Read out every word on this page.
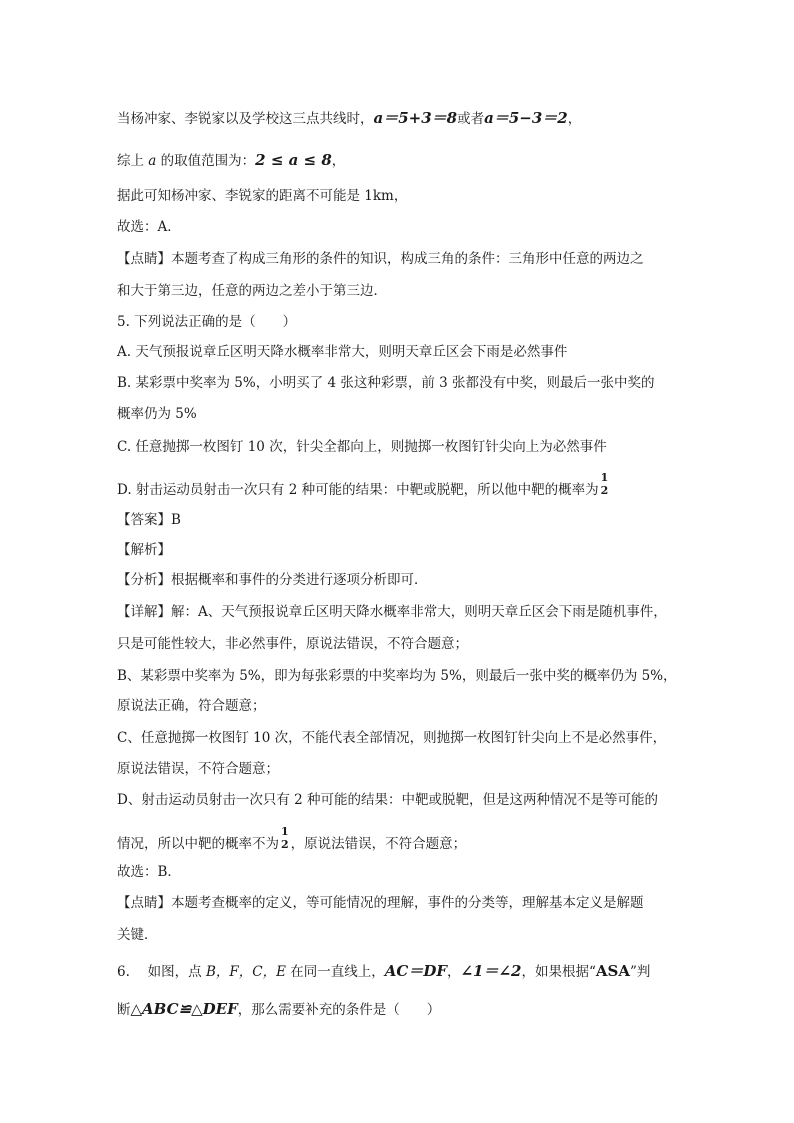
当杨冲家、李锐家以及学校这三点共线时，a＝5+3＝8或者a＝5−3＝2，
综上 a 的取值范围为：2 ≤ a ≤ 8，
据此可知杨冲家、李锐家的距离不可能是 1km，
故选：A．
【点睛】本题考查了构成三角形的条件的知识，构成三角的条件：三角形中任意的两边之
和大于第三边，任意的两边之差小于第三边．
5. 下列说法正确的是（　　）
A. 天气预报说章丘区明天降水概率非常大，则明天章丘区会下雨是必然事件
B. 某彩票中奖率为 5%，小明买了 4 张这种彩票，前 3 张都没有中奖，则最后一张中奖的
概率仍为 5%
C. 任意抛掷一枚图钉 10 次，针尖全都向上，则抛掷一枚图钉针尖向上为必然事件
D. 射击运动员射击一次只有 2 种可能的结果：中靶或脱靶，所以他中靶的概率为
1
2
【答案】B
【解析】
【分析】根据概率和事件的分类进行逐项分析即可．
【详解】解：A、天气预报说章丘区明天降水概率非常大，则明天章丘区会下雨是随机事件，
只是可能性较大，非必然事件，原说法错误，不符合题意；
B、某彩票中奖率为 5%，即为每张彩票的中奖率均为 5%，则最后一张中奖的概率仍为 5%，
原说法正确，符合题意；
C、任意抛掷一枚图钉 10 次，不能代表全部情况，则抛掷一枚图钉针尖向上不是必然事件，
原说法错误，不符合题意；
D、射击运动员射击一次只有 2 种可能的结果：中靶或脱靶，但是这两种情况不是等可能的
情况，所以中靶的概率不为
1
2 ，原说法错误，不符合题意；
故选：B．
【点睛】本题考查概率的定义，等可能情况的理解，事件的分类等，理解基本定义是解题
关键．
6.　 如图，点 B，F，C，E 在同一直线上，AC＝DF，∠1＝∠2，如果根据“ASA”判
断△ABC≌△DEF，那么需要补充的条件是（　　）
